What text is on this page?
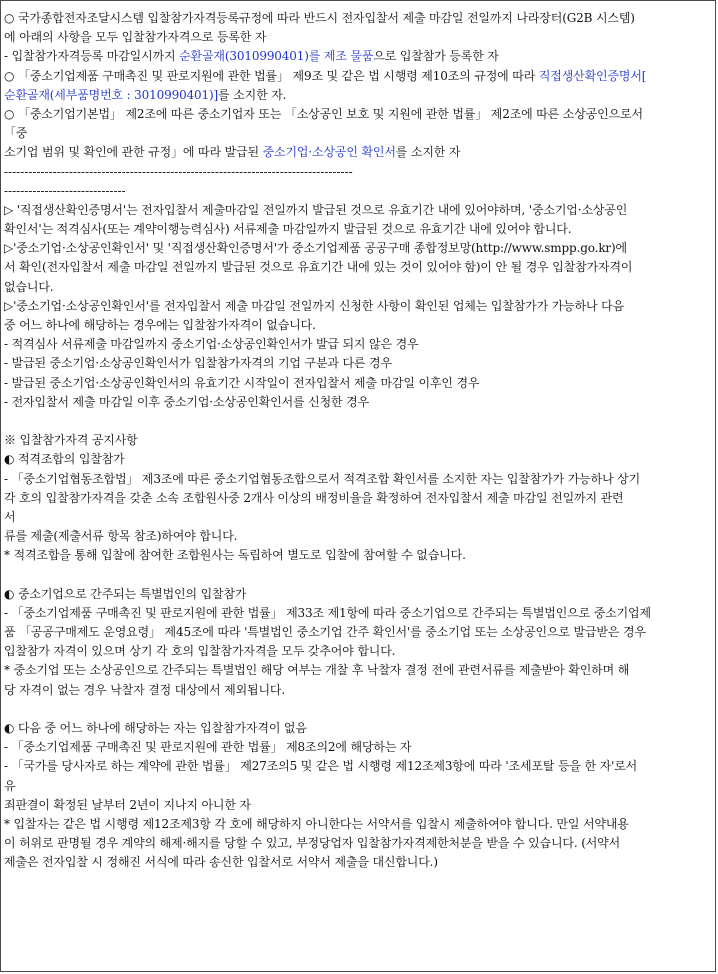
○ 국가종합전자조달시스템 입찰참가자격등록규정에 따라 반드시 전자입찰서 제출 마감일 전일까지 나라장터(G2B 시스템)
에 아래의 사항을 모두 입찰참가자격으로 등록한 자
- 입찰참가자격등록 마감일시까지 순환골재(3010990401)를 제조 물품으로 입찰참가 등록한 자
○ 「중소기업제품 구매촉진 및 판로지원에 관한 법률」 제9조 및 같은 법 시행령 제10조의 규정에 따라 직접생산확인증명서[
순환골재(세부품명번호 : 3010990401)]를 소지한 자.
○ 「중소기업기본법」 제2조에 따른 중소기업자 또는 「소상공인 보호 및 지원에 관한 법률」 제2조에 따른 소상공인으로서
「중
소기업 범위 및 확인에 관한 규정」에 따라 발급된 중소기업·소상공인 확인서를 소지한 자
--------------------------------------------------------------------------------------
------------------------------
▷ '직접생산확인증명서'는 전자입찰서 제출마감일 전일까지 발급된 것으로 유효기간 내에 있어야하며, '중소기업·소상공인
확인서'는 적격심사(또는 계약이행능력심사) 서류제출 마감일까지 발급된 것으로 유효기간 내에 있어야 합니다.
▷'중소기업·소상공인확인서' 및 '직접생산확인증명서'가 중소기업제품 공공구매 종합정보망(http://www.smpp.go.kr)에
서 확인(전자입찰서 제출 마감일 전일까지 발급된 것으로 유효기간 내에 있는 것이 있어야 함)이 안 될 경우 입찰참가자격이
없습니다.
▷'중소기업·소상공인확인서'를 전자입찰서 제출 마감일 전일까지 신청한 사항이 확인된 업체는 입찰참가가 가능하나 다음
중 어느 하나에 해당하는 경우에는 입찰참가자격이 없습니다.
- 적격심사 서류제출 마감일까지 중소기업·소상공인확인서가 발급 되지 않은 경우
- 발급된 중소기업·소상공인확인서가 입찰참가자격의 기업 구분과 다른 경우
- 발급된 중소기업·소상공인확인서의 유효기간 시작일이 전자입찰서 제출 마감일 이후인 경우
- 전자입찰서 제출 마감일 이후 중소기업·소상공인확인서를 신청한 경우
※ 입찰참가자격 공지사항
◐ 적격조합의 입찰참가
- 「중소기업협동조합법」 제3조에 따른 중소기업협동조합으로서 적격조합 확인서를 소지한 자는 입찰참가가 가능하나 상기
각 호의 입찰참가자격을 갖춘 소속 조합원사중 2개사 이상의 배정비율을 확정하여 전자입찰서 제출 마감일 전일까지 관련
서
류를 제출(제출서류 항목 참조)하여야 합니다.
* 적격조합을 통해 입찰에 참여한 조합원사는 독립하여 별도로 입찰에 참여할 수 없습니다.
◐ 중소기업으로 간주되는 특별법인의 입찰참가
- 「중소기업제품 구매촉진 및 판로지원에 관한 법률」 제33조 제1항에 따라 중소기업으로 간주되는 특별법인으로 중소기업제
품 「공공구매제도 운영요령」 제45조에 따라 '특별법인 중소기업 간주 확인서'를 중소기업 또는 소상공인으로 발급받은 경우
입찰참가 자격이 있으며 상기 각 호의 입찰참가자격을 모두 갖추어야 합니다.
* 중소기업 또는 소상공인으로 간주되는 특별법인 해당 여부는 개찰 후 낙찰자 결정 전에 관련서류를 제출받아 확인하며 해
당 자격이 없는 경우 낙찰자 결정 대상에서 제외됩니다.
◐ 다음 중 어느 하나에 해당하는 자는 입찰참가자격이 없음
- 「중소기업제품 구매촉진 및 판로지원에 관한 법률」 제8조의2에 해당하는 자
- 「국가를 당사자로 하는 계약에 관한 법률」 제27조의5 및 같은 법 시행령 제12조제3항에 따라 '조세포탈 등을 한 자'로서
유
죄판결이 확정된 날부터 2년이 지나지 아니한 자
* 입찰자는 같은 법 시행령 제12조제3항 각 호에 해당하지 아니한다는 서약서를 입찰시 제출하여야 합니다. 만일 서약내용
이 허위로 판명될 경우 계약의 해제·해지를 당할 수 있고, 부정당업자 입찰참가자격제한처분을 받을 수 있습니다. (서약서
제출은 전자입찰 시 정해진 서식에 따라 송신한 입찰서로 서약서 제출을 대신합니다.)
